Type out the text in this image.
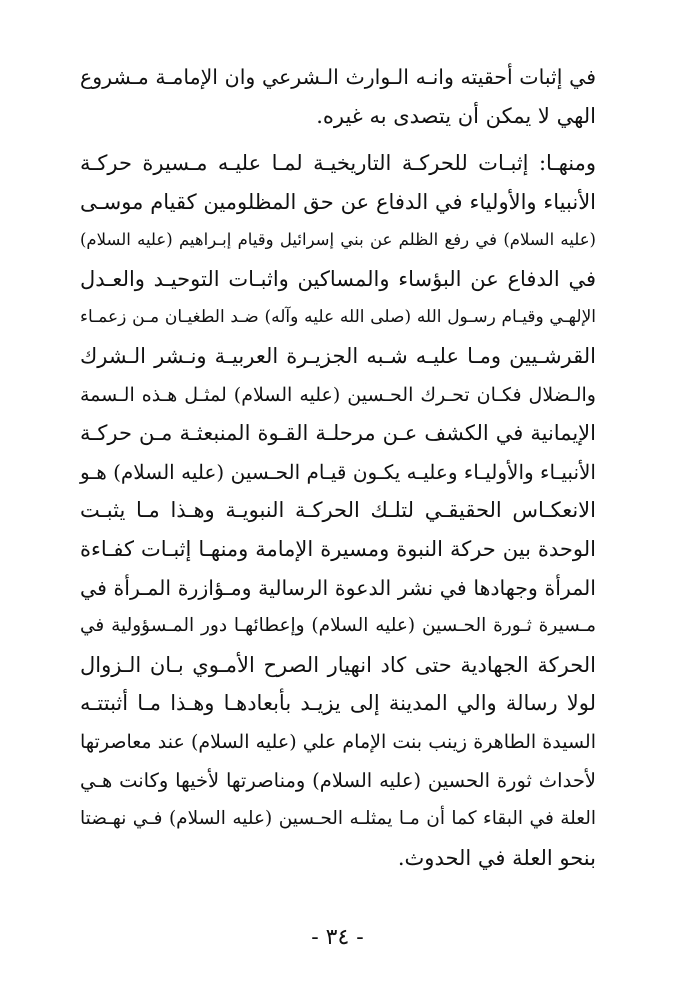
في إثبات أحقيته وانـه الـوارث الـشرعي وان الإمامـة مـشروع
الهي لا يمكن أن يتصدى به غيره.
ومنهـا: إثبـات للحركـة التاريخيـة لمـا عليـه مـسيرة حركـة
الأنبياء والأولياء في الدفاع عن حق المظلومين كقيام موسـى
(عليه السلام) في رفع الظلم عن بني إسرائيل وقيام إبـراهيم (عليه السلام)
في الدفاع عن البؤساء والمساكين واثبـات التوحيـد والعـدل
الإلهـي وقيـام رسـول الله (صلى الله عليه وآله) ضـد الطغيـان مـن زعمـاء
القرشـيين ومـا عليـه شـبه الجزيـرة العربيـة ونـشر الـشرك
والـضلال فكـان تحـرك الحـسين (عليه السلام) لمثـل هـذه الـسمة
الإيمانية في الكشف عـن مرحلـة القـوة المنبعثـة مـن حركـة
الأنبيـاء والأوليـاء وعليـه يكـون قيـام الحـسين (عليه السلام) هـو
الانعكـاس الحقيقـي لتلـك الحركـة النبويـة وهـذا مـا يثبـت
الوحدة بين حركة النبوة ومسيرة الإمامة ومنهـا إثبـات كفـاءة
المرأة وجهادها في نشر الدعوة الرسالية ومـؤازرة المـرأة في
مـسيرة ثـورة الحـسين (عليه السلام) وإعطائهـا دور المـسؤولية في
الحركة الجهادية حتى كاد انهيار الصرح الأمـوي بـان الـزوال
لولا رسالة والي المدينة إلى يزيـد بأبعادهـا وهـذا مـا أثبتتـه
السيدة الطاهرة زينب بنت الإمام علي (عليه السلام) عند معاصرتها
لأحداث ثورة الحسين (عليه السلام) ومناصرتها لأخيها وكانت هـي
العلة في البقاء كما أن مـا يمثلـه الحـسين (عليه السلام) فـي نهـضتا
بنحو العلة في الحدوث.
- ٣٤ -
